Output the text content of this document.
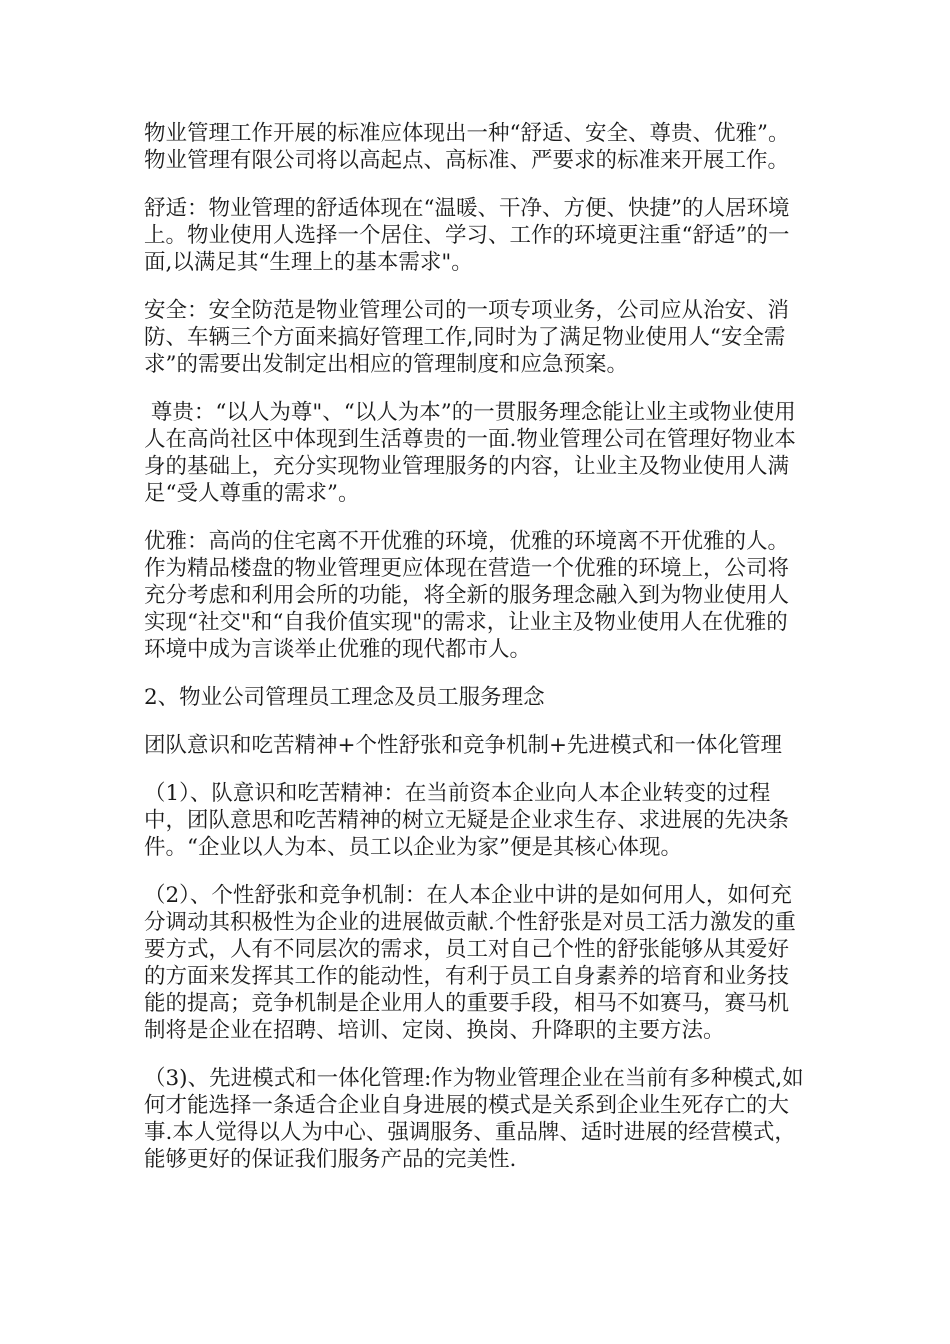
物业管理工作开展的标准应体现出一种“舒适、安全、尊贵、优雅”。物业管理有限公司将以高起点、高标准、严要求的标准来开展工作。

舒适：物业管理的舒适体现在“温暖、干净、方便、快捷”的人居环境上。物业使用人选择一个居住、学习、工作的环境更注重“舒适”的一面,以满足其“生理上的基本需求"。

安全：安全防范是物业管理公司的一项专项业务，公司应从治安、消防、车辆三个方面来搞好管理工作,同时为了满足物业使用人“安全需求”的需要出发制定出相应的管理制度和应急预案。

尊贵：“以人为尊"、“以人为本”的一贯服务理念能让业主或物业使用人在高尚社区中体现到生活尊贵的一面.物业管理公司在管理好物业本身的基础上，充分实现物业管理服务的内容，让业主及物业使用人满足“受人尊重的需求”。

优雅：高尚的住宅离不开优雅的环境，优雅的环境离不开优雅的人。作为精品楼盘的物业管理更应体现在营造一个优雅的环境上，公司将充分考虑和利用会所的功能，将全新的服务理念融入到为物业使用人实现“社交"和“自我价值实现"的需求，让业主及物业使用人在优雅的环境中成为言谈举止优雅的现代都市人。

2、物业公司管理员工理念及员工服务理念

团队意识和吃苦精神+个性舒张和竞争机制+先进模式和一体化管理

（1）、队意识和吃苦精神：在当前资本企业向人本企业转变的过程中，团队意思和吃苦精神的树立无疑是企业求生存、求进展的先决条件。“企业以人为本、员工以企业为家”便是其核心体现。

（2）、个性舒张和竞争机制：在人本企业中讲的是如何用人，如何充分调动其积极性为企业的进展做贡献.个性舒张是对员工活力激发的重要方式，人有不同层次的需求，员工对自己个性的舒张能够从其爱好的方面来发挥其工作的能动性，有利于员工自身素养的培育和业务技能的提高；竞争机制是企业用人的重要手段，相马不如赛马，赛马机制将是企业在招聘、培训、定岗、换岗、升降职的主要方法。

（3)、先进模式和一体化管理:作为物业管理企业在当前有多种模式,如何才能选择一条适合企业自身进展的模式是关系到企业生死存亡的大事.本人觉得以人为中心、强调服务、重品牌、适时进展的经营模式，能够更好的保证我们服务产品的完美性.
